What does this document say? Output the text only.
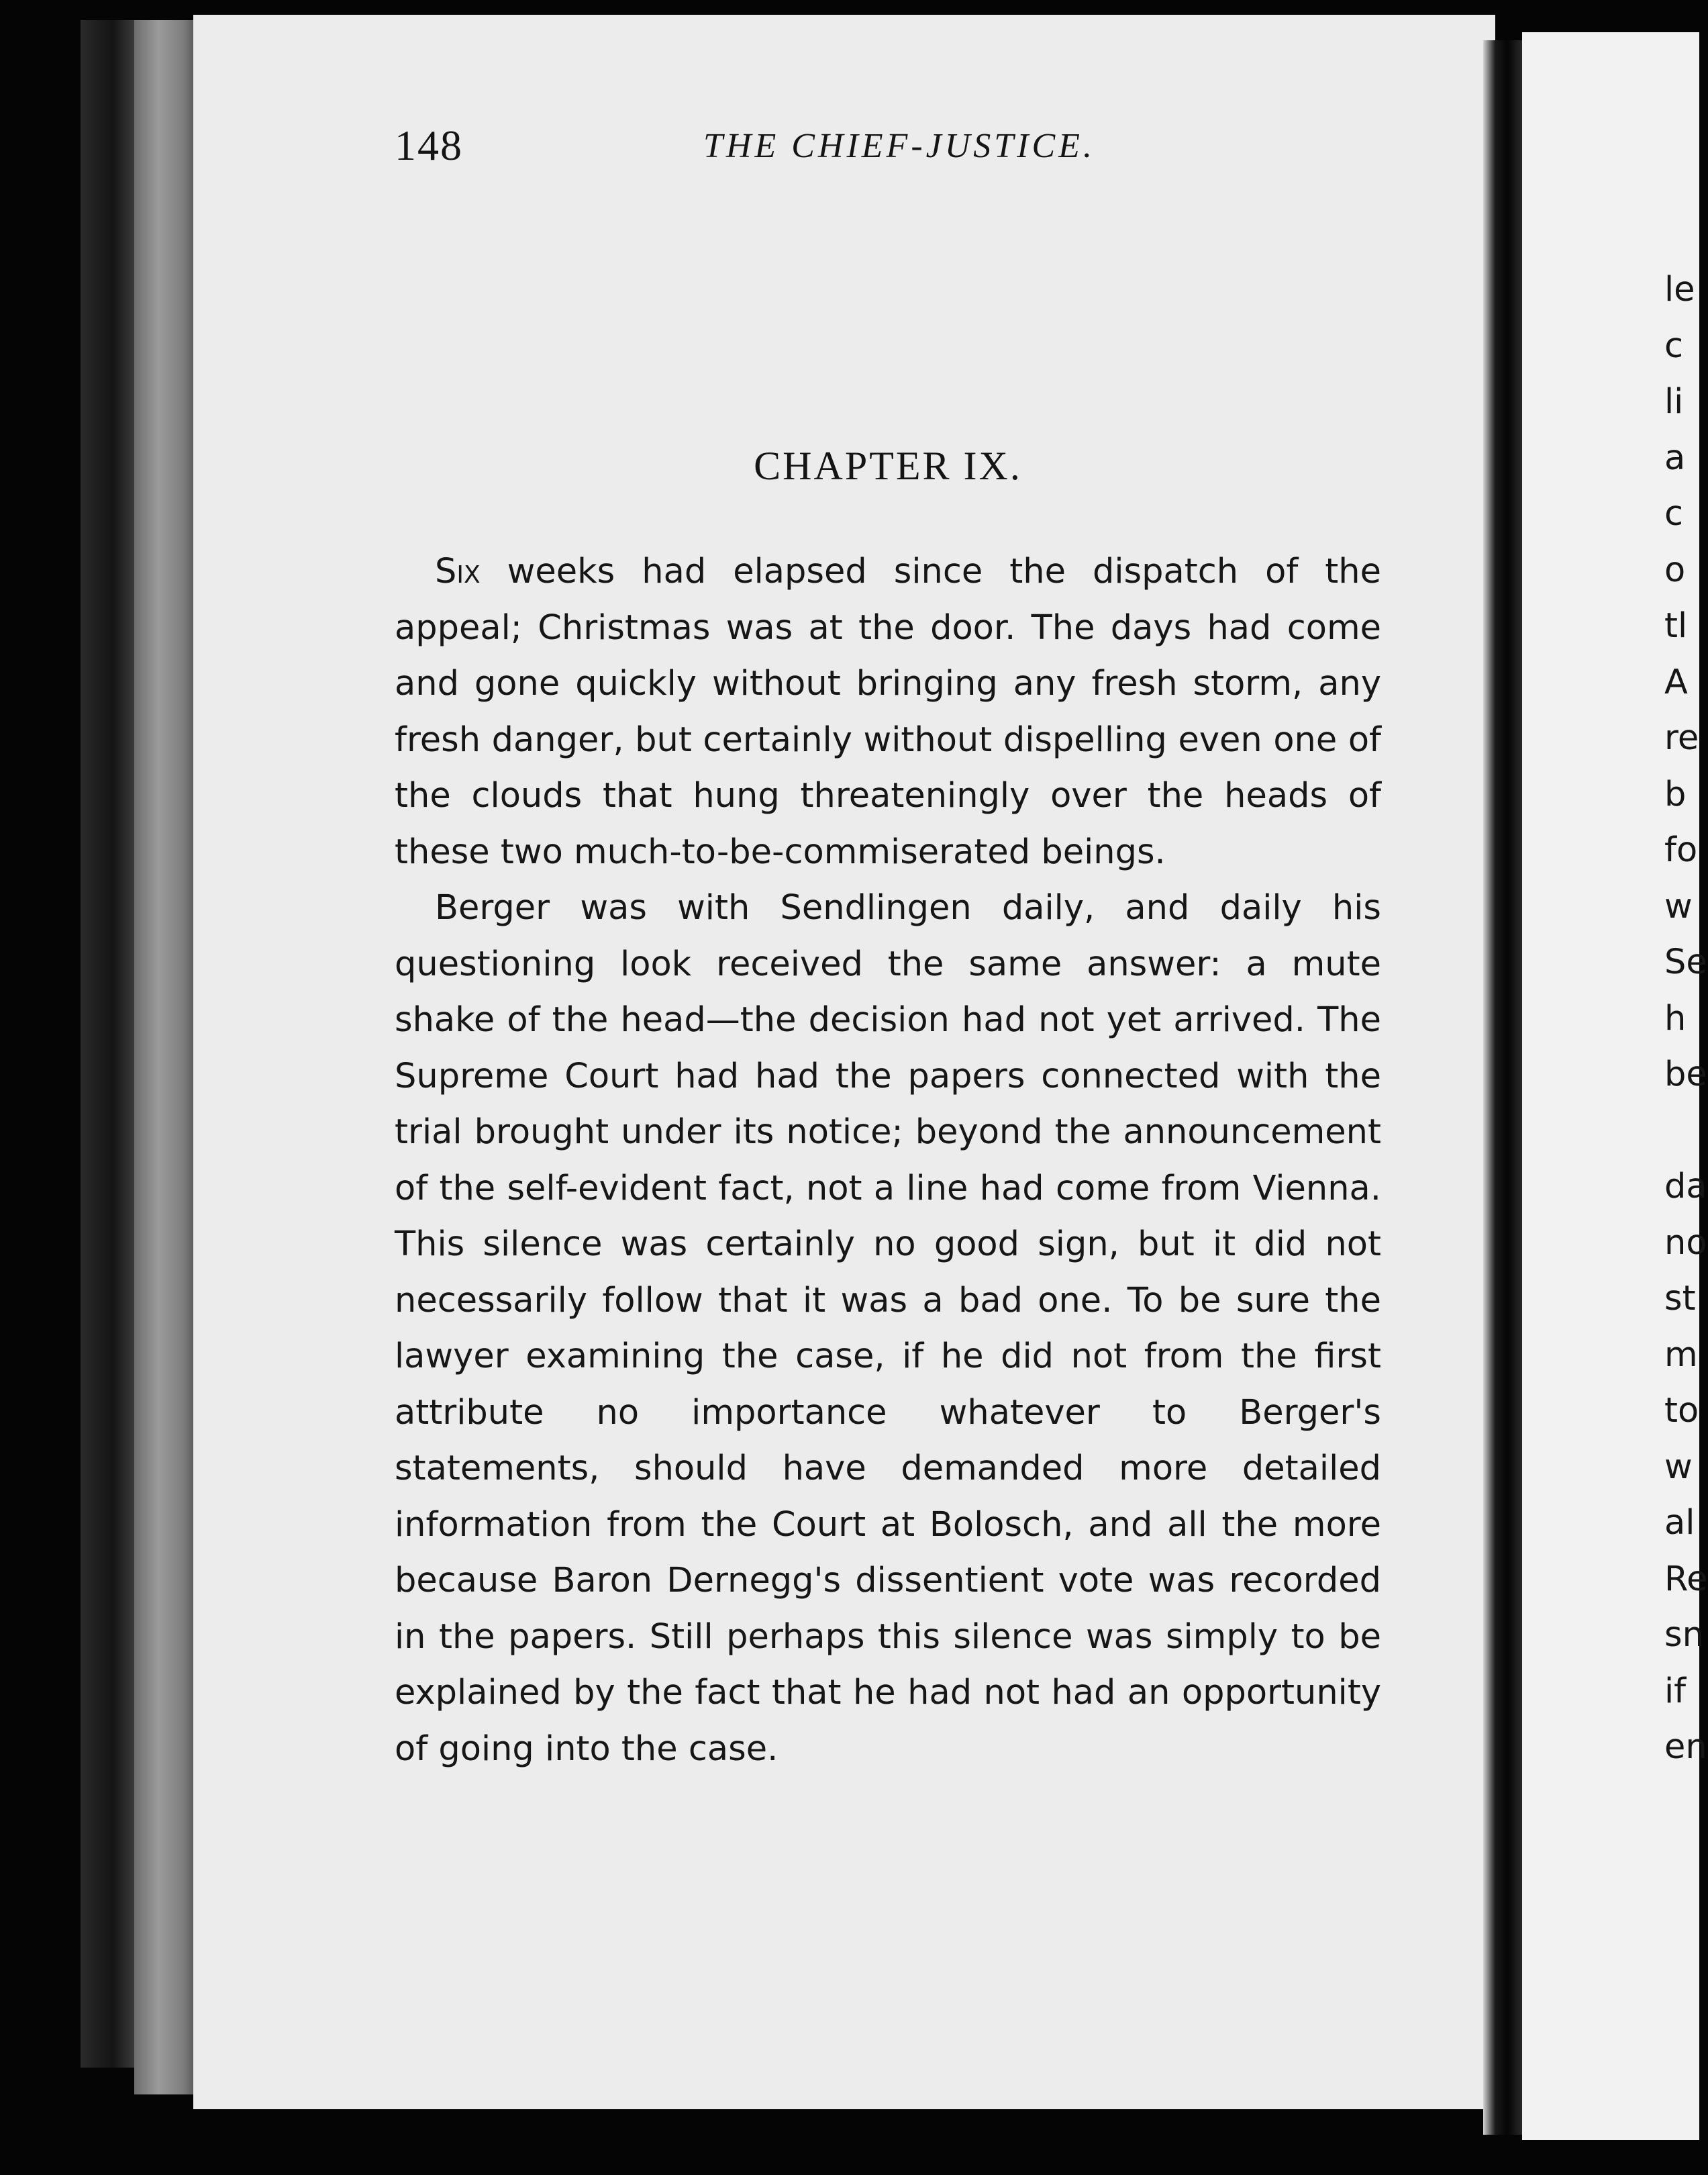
148	THE CHIEF-JUSTICE.
CHAPTER IX.

Six weeks had elapsed since the dispatch of the appeal; Christmas was at the door. The days had come and gone quickly without bringing any fresh storm, any fresh danger, but certainly without dispelling even one of the clouds that hung threateningly over the heads of these two much-to-be-commiserated beings.

Berger was with Sendlingen daily, and daily his questioning look received the same answer: a mute shake of the head—the decision had not yet arrived. The Supreme Court had had the papers connected with the trial brought under its notice; beyond the announcement of the self-evident fact, not a line had come from Vienna. This silence was certainly no good sign, but it did not necessarily follow that it was a bad one. To be sure the lawyer examining the case, if he did not from the first attribute no importance whatever to Berger's statements, should have demanded more detailed information from the Court at Bolosch, and all the more because Baron Dernegg's dissentient vote was recorded in the papers. Still perhaps this silence was simply to be explained by the fact that he had not had an opportunity of going into the case.

le
c
li
a
c
o
tl
A
re
b
fo
w
Se
h
be
da
no
st
m
to
w
al
Re
sn
if
en
